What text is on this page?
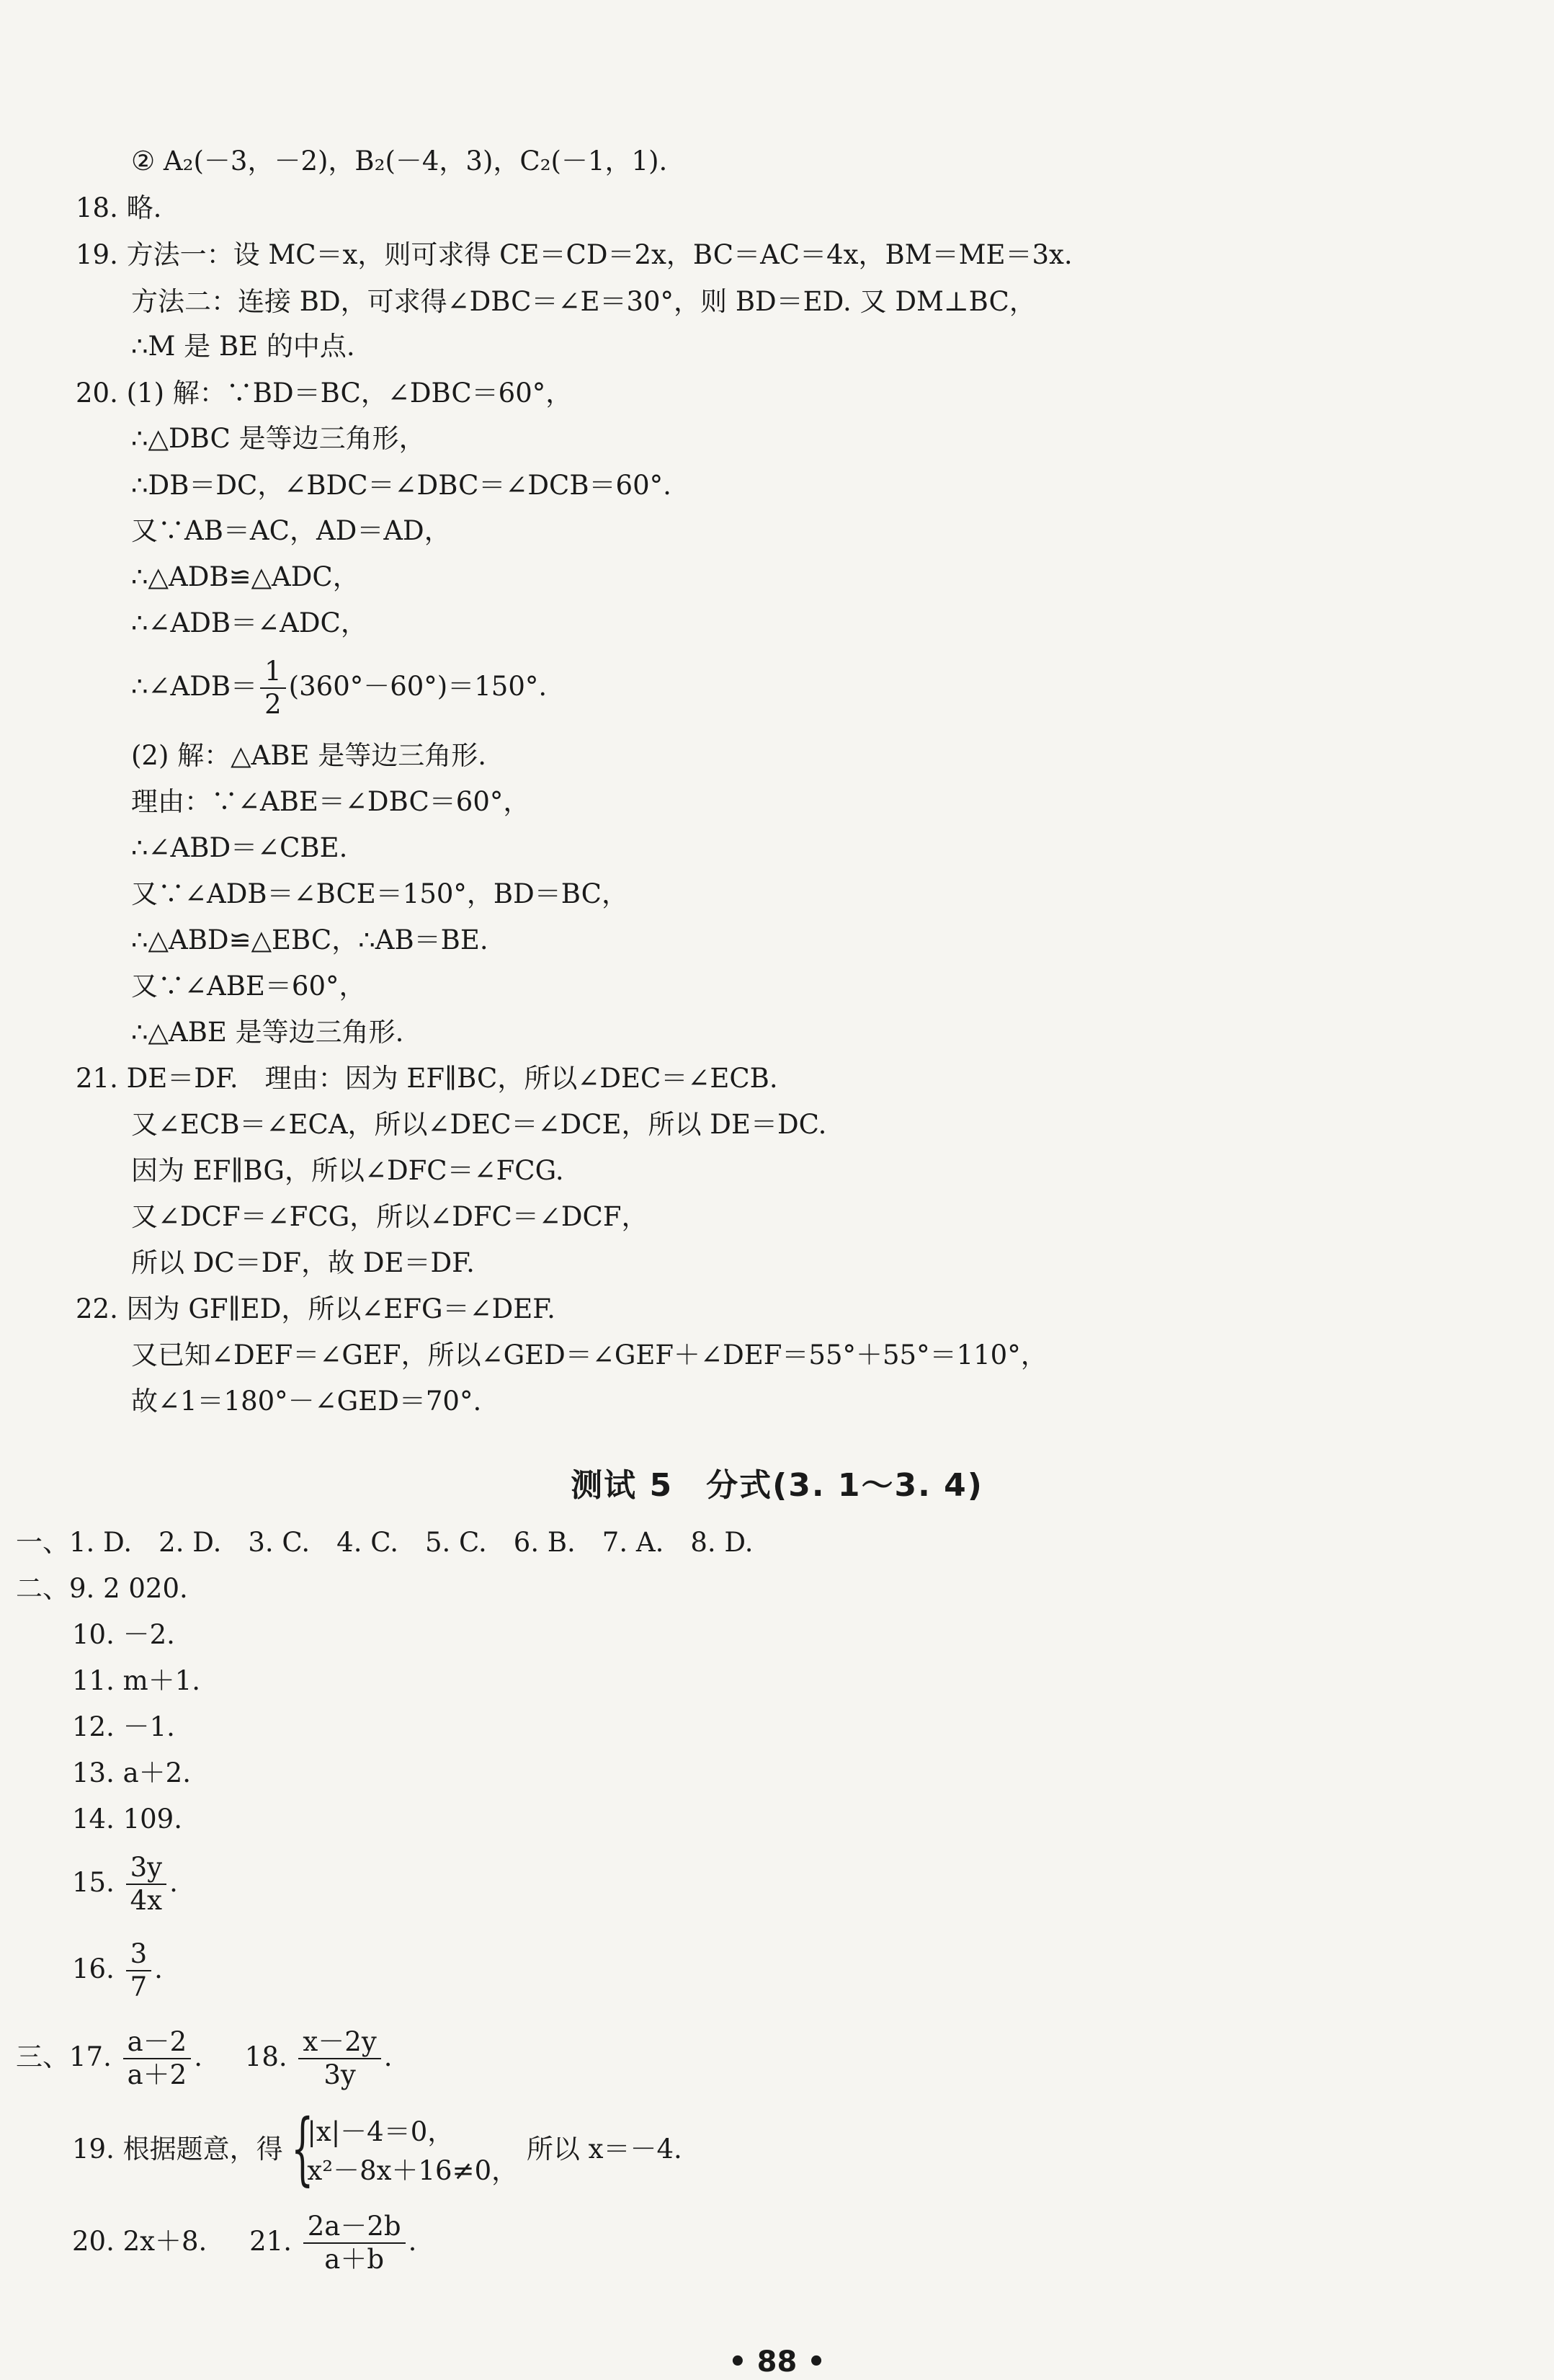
② A₂(－3，－2)，B₂(－4，3)，C₂(－1，1).
18. 略.
19. 方法一：设 MC＝x，则可求得 CE＝CD＝2x，BC＝AC＝4x，BM＝ME＝3x.
方法二：连接 BD，可求得∠DBC＝∠E＝30°，则 BD＝ED. 又 DM⊥BC，
∴M 是 BE 的中点.
20. (1) 解：∵BD＝BC，∠DBC＝60°，
∴△DBC 是等边三角形，
∴DB＝DC，∠BDC＝∠DBC＝∠DCB＝60°.
又∵AB＝AC，AD＝AD，
∴△ADB≌△ADC，
∴∠ADB＝∠ADC，
∴∠ADB＝ $\frac{1}{2} (360^\circ-60^\circ)=150^\circ$.
(2) 解：△ABE 是等边三角形.
理由：∵∠ABE＝∠DBC＝60°，
∴∠ABD＝∠CBE.
又∵∠ADB＝∠BCE＝150°，BD＝BC，
∴△ABD≌△EBC，∴AB＝BE.
又∵∠ABE＝60°，
∴△ABE 是等边三角形.
21. DE＝DF.　理由：因为 EF∥BC，所以∠DEC＝∠ECB.
又∠ECB＝∠ECA，所以∠DEC＝∠DCE，所以 DE＝DC.
因为 EF∥BG，所以∠DFC＝∠FCG.
又∠DCF＝∠FCG，所以∠DFC＝∠DCF，
所以 DC＝DF，故 DE＝DF.
22. 因为 GF∥ED，所以∠EFG＝∠DEF.
又已知∠DEF＝∠GEF，所以∠GED＝∠GEF＋∠DEF＝55°＋55°＝110°，
故∠1＝180°－∠GED＝70°.
测试 5　分式(3. 1～3. 4)
一、1. D.　2. D.　3. C.　4. C.　5. C.　6. B.　7. A.　8. D.
二、9. 2 020.
10. －2.
11. m＋1.
12. －1.
13. a＋2.
14. 109.
15. $\frac{3y}{4x}$ .
16. $\frac{3}{7}$ .
三、17. $\frac{a-2}{a+2}$ . 18. $\frac{x-2y}{3y}$ .
19. 根据题意，得 {
|x|－4＝0，
x²－8x＋16≠0，
所以 x＝－4.
20. 2x＋8. 21. $\frac{2a-2b}{a+b}$ .
• 88 •
